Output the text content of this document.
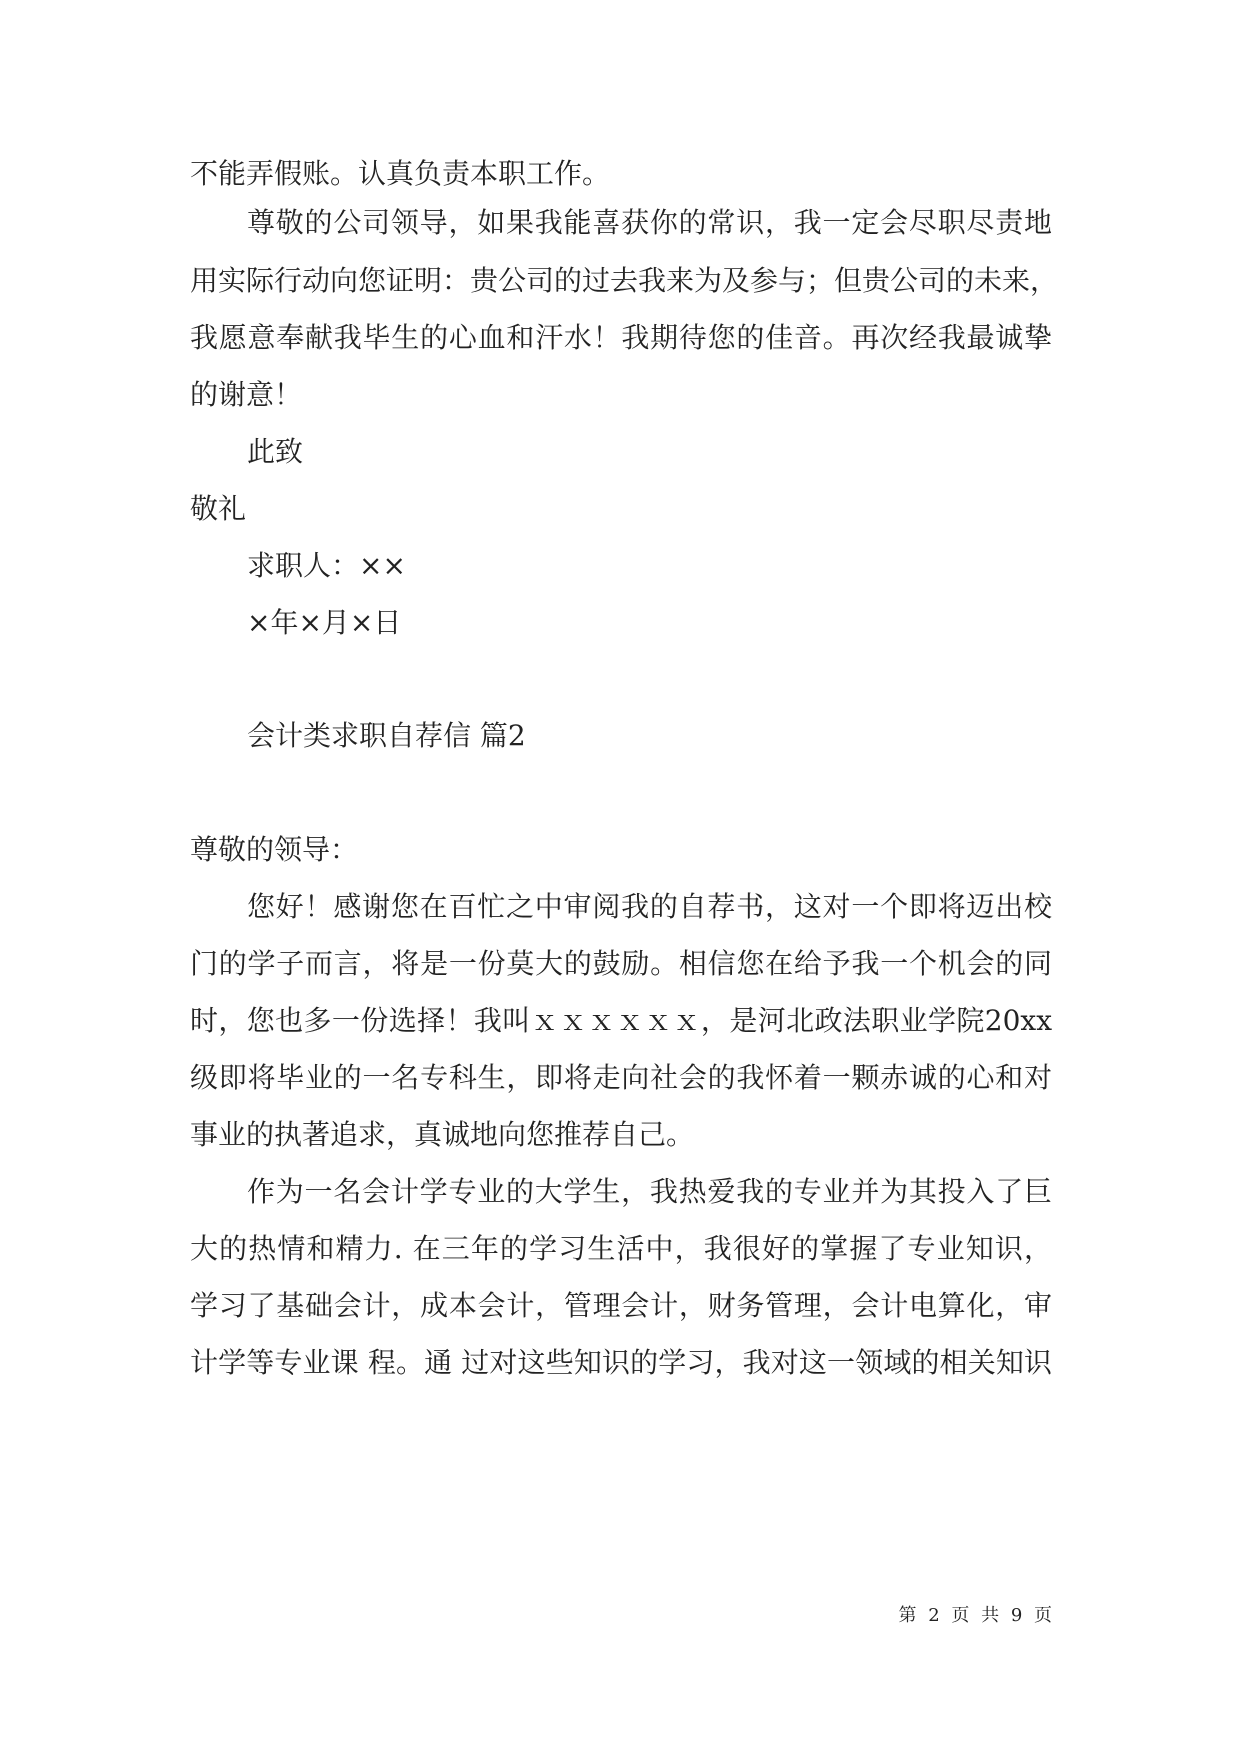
不能弄假账。认真负责本职工作。
尊敬的公司领导，如果我能喜获你的常识，我一定会尽职尽责地
用实际行动向您证明：贵公司的过去我来为及参与；但贵公司的未来，
我愿意奉献我毕生的心血和汗水！我期待您的佳音。再次经我最诚挚
的谢意！
此致
敬礼
求职人：××
×年×月×日
会计类求职自荐信 篇2
尊敬的领导：
您好！感谢您在百忙之中审阅我的自荐书，这对一个即将迈出校
门的学子而言，将是一份莫大的鼓励。相信您在给予我一个机会的同
时，您也多一份选择！我叫ｘｘｘｘｘｘ，是河北政法职业学院20xx
级即将毕业的一名专科生，即将走向社会的我怀着一颗赤诚的心和对
事业的执著追求，真诚地向您推荐自己。
作为一名会计学专业的大学生，我热爱我的专业并为其投入了巨
大的热情和精力. 在三年的学习生活中，我很好的掌握了专业知识，
学习了基础会计，成本会计，管理会计，财务管理，会计电算化，审
计学等专业课 程。通 过对这些知识的学习，我对这一领域的相关知识
第 2 页 共 9 页
